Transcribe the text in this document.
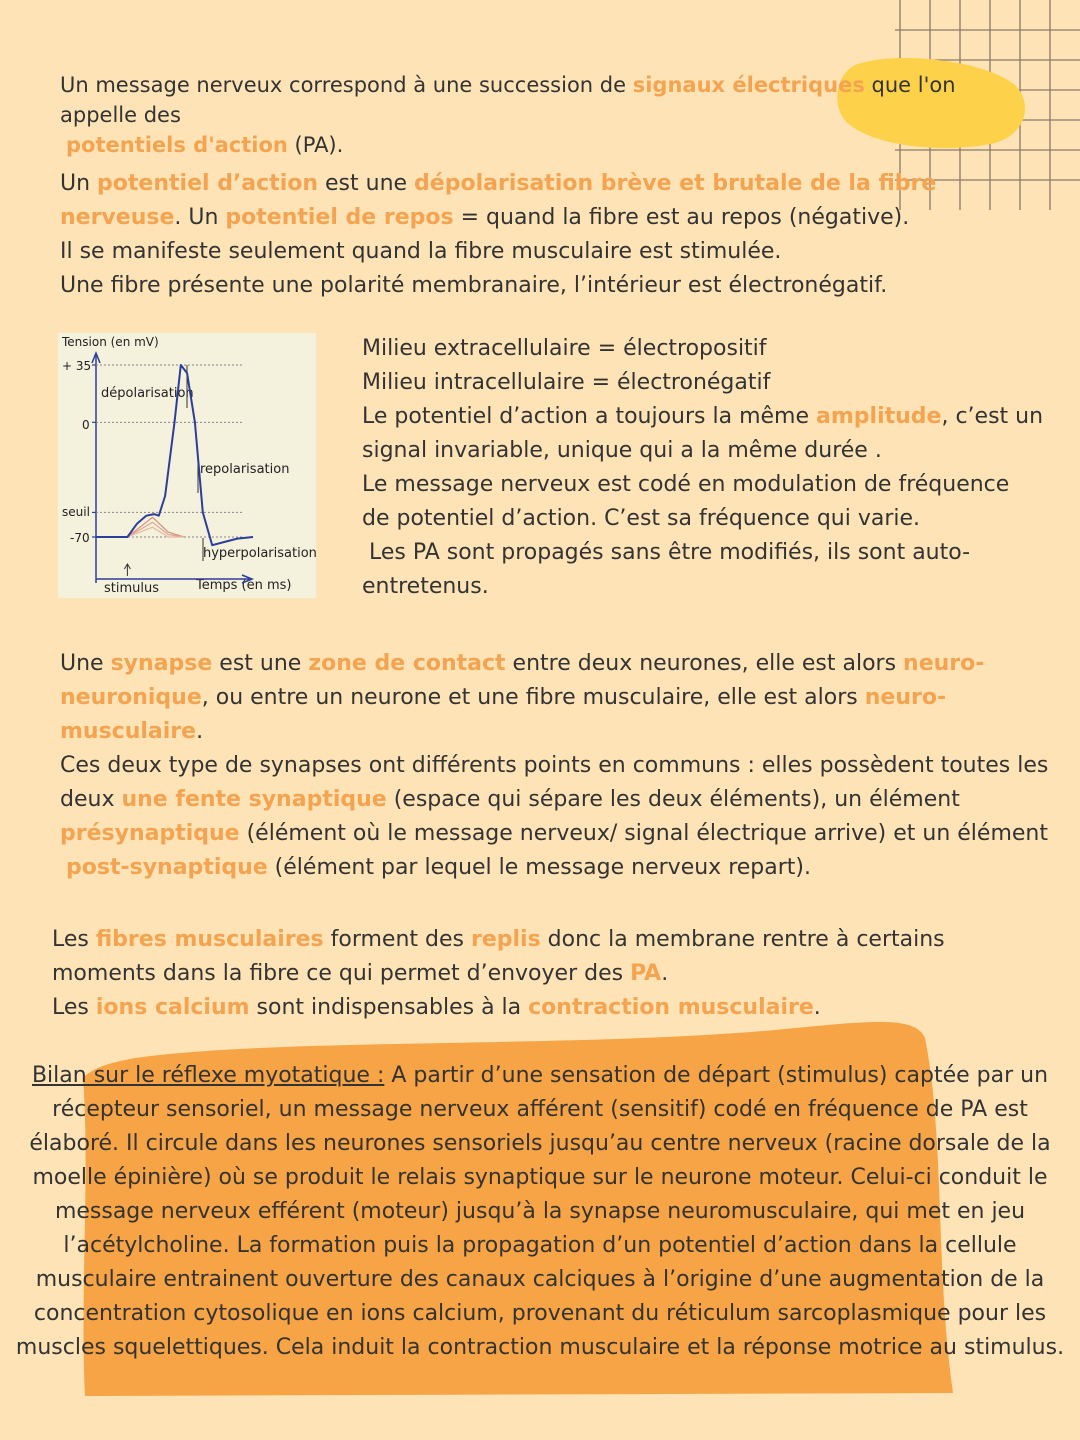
Un message nerveux correspond à une succession de signaux électriques que l'on appelle des
potentiels d'action (PA).
Un potentiel d’action est une dépolarisation brève et brutale de la fibre
nerveuse. Un potentiel de repos = quand la fibre est au repos (négative).
Il se manifeste seulement quand la fibre musculaire est stimulée.
Une fibre présente une polarité membranaire, l’intérieur est électronégatif.
Tension (en mV)
+ 35
0
seuil
-70
dépolarisation
repolarisation
hyperpolarisation
stimulus	Temps (en ms)
Milieu extracellulaire = électropositif
Milieu intracellulaire = électronégatif
Le potentiel d’action a toujours la même amplitude, c’est un
signal invariable, unique qui a la même durée .
Le message nerveux est codé en modulation de fréquence
de potentiel d’action. C’est sa fréquence qui varie.
Les PA sont propagés sans être modifiés, ils sont auto-
entretenus.
Une synapse est une zone de contact entre deux neurones, elle est alors neuro-
neuronique, ou entre un neurone et une fibre musculaire, elle est alors neuro-
musculaire.
Ces deux type de synapses ont différents points en communs : elles possèdent toutes les
deux une fente synaptique (espace qui sépare les deux éléments), un élément
présynaptique (élément où le message nerveux/ signal électrique arrive) et un élément
post-synaptique (élément par lequel le message nerveux repart).
Les fibres musculaires forment des replis donc la membrane rentre à certains
moments dans la fibre ce qui permet d’envoyer des PA.
Les ions calcium sont indispensables à la contraction musculaire.
Bilan sur le réflexe myotatique : A partir d’une sensation de départ (stimulus) captée par un
récepteur sensoriel, un message nerveux afférent (sensitif) codé en fréquence de PA est
élaboré. Il circule dans les neurones sensoriels jusqu’au centre nerveux (racine dorsale de la
moelle épinière) où se produit le relais synaptique sur le neurone moteur. Celui-ci conduit le
message nerveux efférent (moteur) jusqu’à la synapse neuromusculaire, qui met en jeu
l’acétylcholine. La formation puis la propagation d’un potentiel d’action dans la cellule
musculaire entrainent ouverture des canaux calciques à l’origine d’une augmentation de la
concentration cytosolique en ions calcium, provenant du réticulum sarcoplasmique pour les
muscles squelettiques. Cela induit la contraction musculaire et la réponse motrice au stimulus.
